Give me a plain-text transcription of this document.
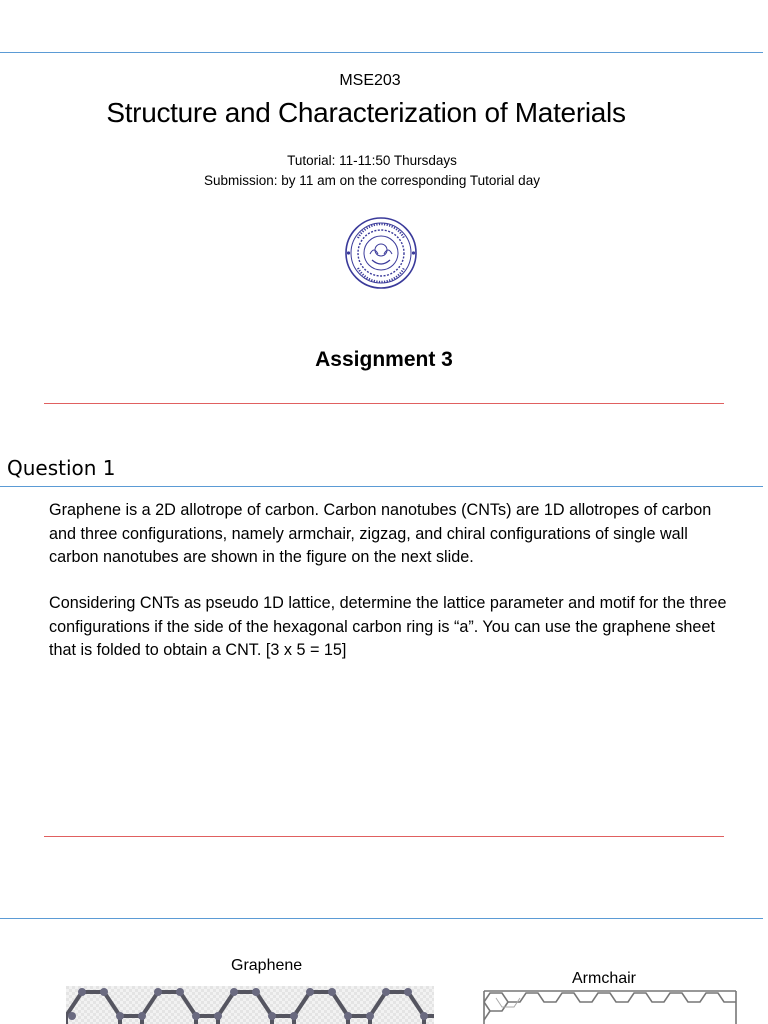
MSE203
Structure and Characterization of Materials
Tutorial: 11-11:50 Thursdays
Submission: by 11 am on the corresponding Tutorial day
Assignment 3
Question 1
Graphene is a 2D allotrope of carbon. Carbon nanotubes (CNTs) are 1D allotropes of carbon and three configurations, namely armchair, zigzag, and chiral configurations of single wall carbon nanotubes are shown in the figure on the next slide.
Considering CNTs as pseudo 1D lattice, determine the lattice parameter and motif for the three configurations if the side of the hexagonal carbon ring is “a”. You can use the graphene sheet that is folded to obtain a CNT. [3 x 5 = 15]
Graphene
Armchair
